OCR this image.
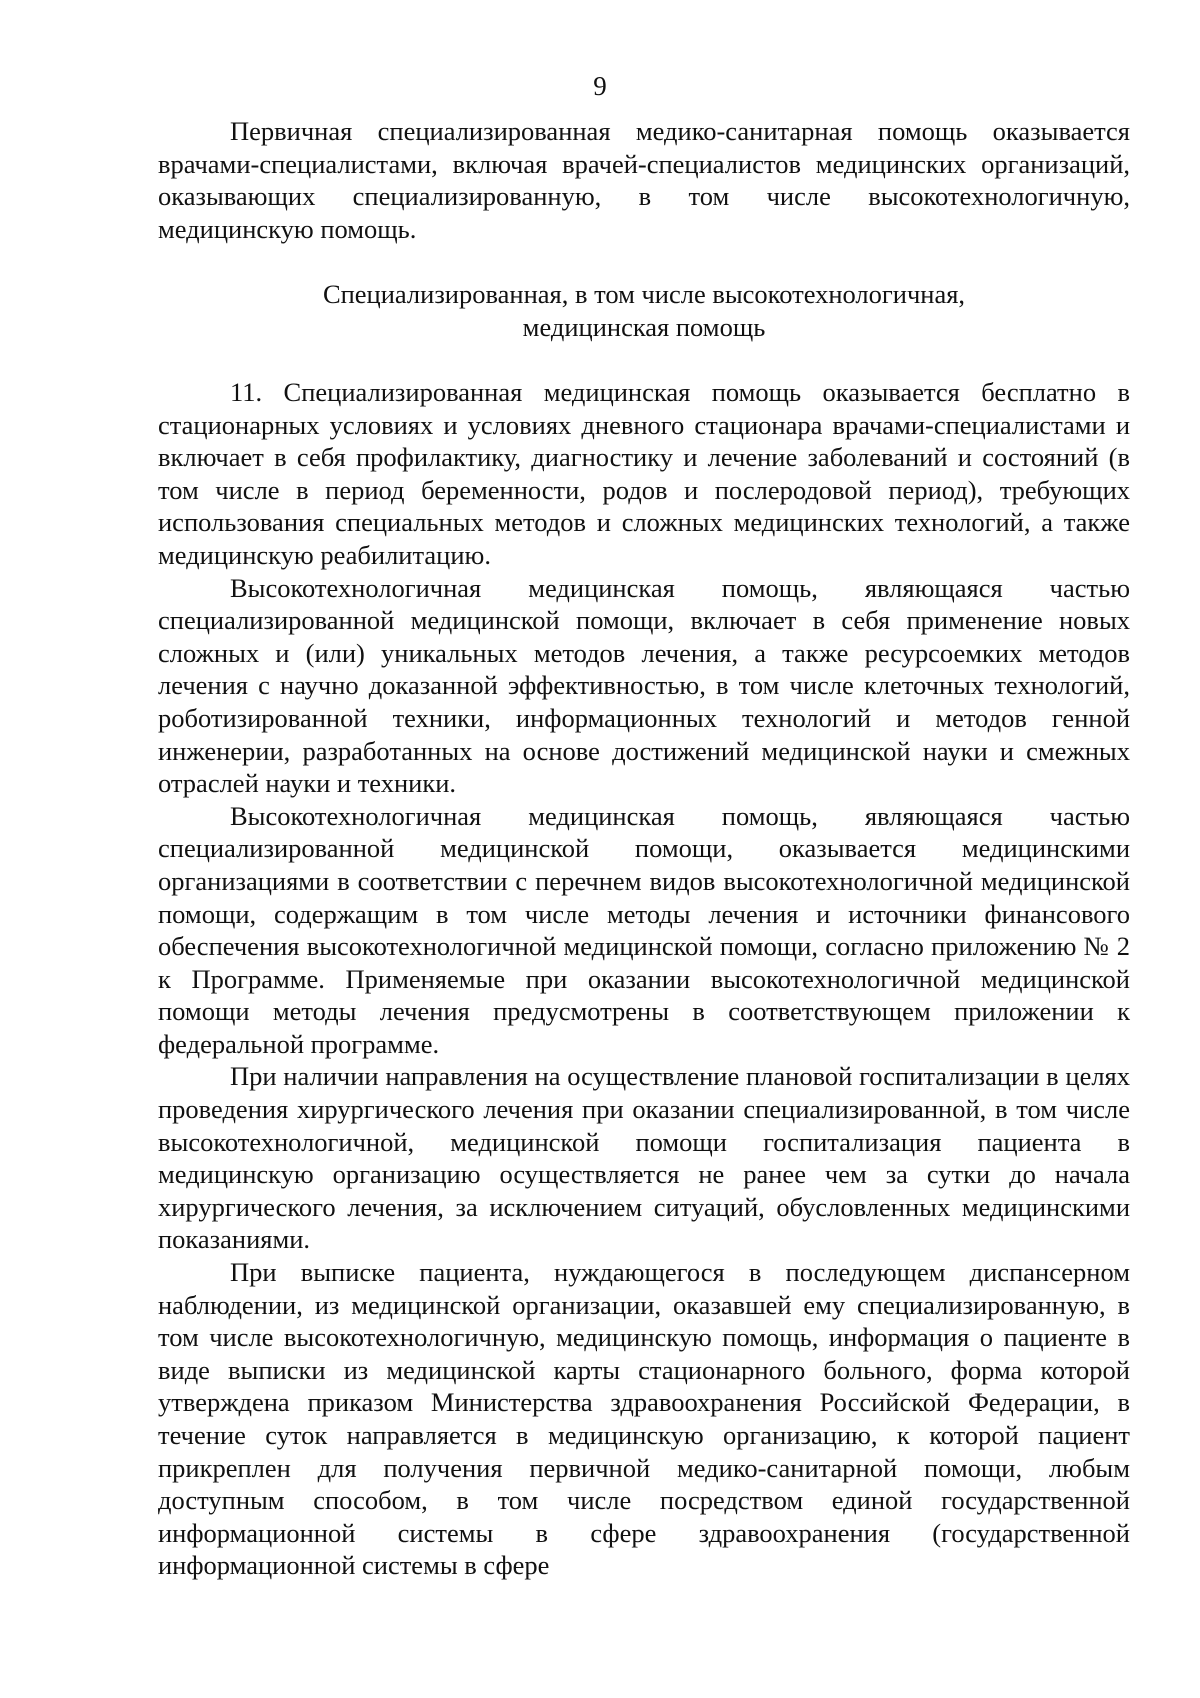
9

Первичная специализированная медико-санитарная помощь оказывается врачами-специалистами, включая врачей-специалистов медицинских организаций, оказывающих специализированную, в том числе высокотехнологичную, медицинскую помощь.

Специализированная, в том числе высокотехнологичная,
медицинская помощь

11. Специализированная медицинская помощь оказывается бесплатно в стационарных условиях и условиях дневного стационара врачами-специалистами и включает в себя профилактику, диагностику и лечение заболеваний и состояний (в том числе в период беременности, родов и послеродовой период), требующих использования специальных методов и сложных медицинских технологий, а также медицинскую реабилитацию.

Высокотехнологичная медицинская помощь, являющаяся частью специализированной медицинской помощи, включает в себя применение новых сложных и (или) уникальных методов лечения, а также ресурсоемких методов лечения с научно доказанной эффективностью, в том числе клеточных технологий, роботизированной техники, информационных технологий и методов генной инженерии, разработанных на основе достижений медицинской науки и смежных отраслей науки и техники.

Высокотехнологичная медицинская помощь, являющаяся частью специализированной медицинской помощи, оказывается медицинскими организациями в соответствии с перечнем видов высокотехнологичной медицинской помощи, содержащим в том числе методы лечения и источники финансового обеспечения высокотехнологичной медицинской помощи, согласно приложению № 2 к Программе. Применяемые при оказании высокотехнологичной медицинской помощи методы лечения предусмотрены в соответствующем приложении к федеральной программе.

При наличии направления на осуществление плановой госпитализации в целях проведения хирургического лечения при оказании специализированной, в том числе высокотехнологичной, медицинской помощи госпитализация пациента в медицинскую организацию осуществляется не ранее чем за сутки до начала хирургического лечения, за исключением ситуаций, обусловленных медицинскими показаниями.

При выписке пациента, нуждающегося в последующем диспансерном наблюдении, из медицинской организации, оказавшей ему специализированную, в том числе высокотехнологичную, медицинскую помощь, информация о пациенте в виде выписки из медицинской карты стационарного больного, форма которой утверждена приказом Министерства здравоохранения Российской Федерации, в течение суток направляется в медицинскую организацию, к которой пациент прикреплен для получения первичной медико-санитарной помощи, любым доступным способом, в том числе посредством единой государственной информационной системы в сфере здравоохранения (государственной информационной системы в сфере
